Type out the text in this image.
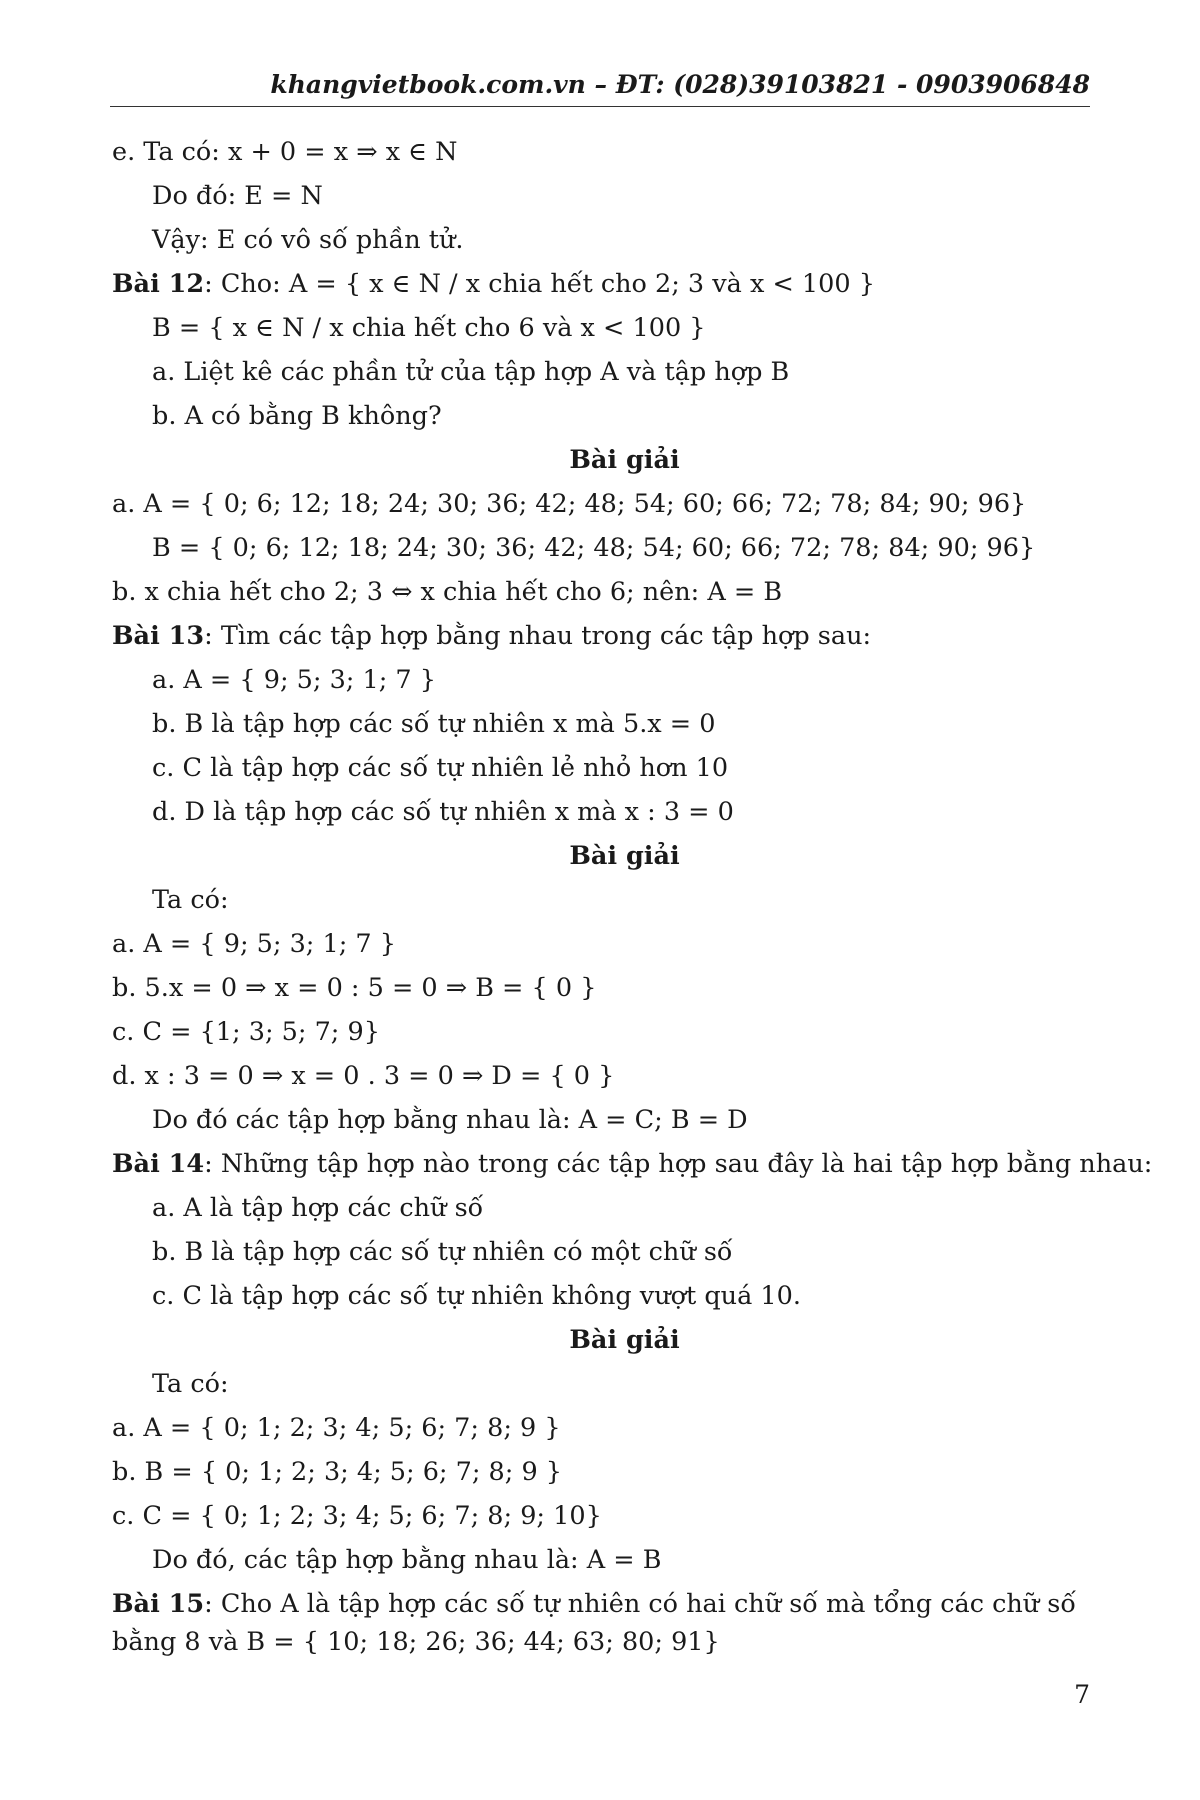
khangvietbook.com.vn – ĐT: (028)39103821 - 0903906848
e. Ta có: x + 0 = x ⇒ x ∈ N
Do đó: E = N
Vậy: E có vô số phần tử.
Bài 12: Cho: A = { x ∈ N / x chia hết cho 2; 3 và x < 100 }
B = { x ∈ N / x chia hết cho 6 và x < 100 }
a. Liệt kê các phần tử của tập hợp A và tập hợp B
b. A có bằng B không?
Bài giải
a. A = { 0; 6; 12; 18; 24; 30; 36; 42; 48; 54; 60; 66; 72; 78; 84; 90; 96}
B = { 0; 6; 12; 18; 24; 30; 36; 42; 48; 54; 60; 66; 72; 78; 84; 90; 96}
b. x chia hết cho 2; 3 ⇔ x chia hết cho 6; nên: A = B
Bài 13: Tìm các tập hợp bằng nhau trong các tập hợp sau:
a. A = { 9; 5; 3; 1; 7 }
b. B là tập hợp các số tự nhiên x mà 5.x = 0
c. C là tập hợp các số tự nhiên lẻ nhỏ hơn 10
d. D là tập hợp các số tự nhiên x mà x : 3 = 0
Bài giải
Ta có:
a. A = { 9; 5; 3; 1; 7 }
b. 5.x = 0 ⇒ x = 0 : 5 = 0 ⇒ B = { 0 }
c. C = {1; 3; 5; 7; 9}
d. x : 3 = 0 ⇒ x = 0 . 3 = 0 ⇒ D = { 0 }
Do đó các tập hợp bằng nhau là: A = C; B = D
Bài 14: Những tập hợp nào trong các tập hợp sau đây là hai tập hợp bằng nhau:
a. A là tập hợp các chữ số
b. B là tập hợp các số tự nhiên có một chữ số
c. C là tập hợp các số tự nhiên không vượt quá 10.
Bài giải
Ta có:
a. A = { 0; 1; 2; 3; 4; 5; 6; 7; 8; 9 }
b. B = { 0; 1; 2; 3; 4; 5; 6; 7; 8; 9 }
c. C = { 0; 1; 2; 3; 4; 5; 6; 7; 8; 9; 10}
Do đó, các tập hợp bằng nhau là: A = B
Bài 15: Cho A là tập hợp các số tự nhiên có hai chữ số mà tổng các chữ số bằng 8 và B = { 10; 18; 26; 36; 44; 63; 80; 91}
7
